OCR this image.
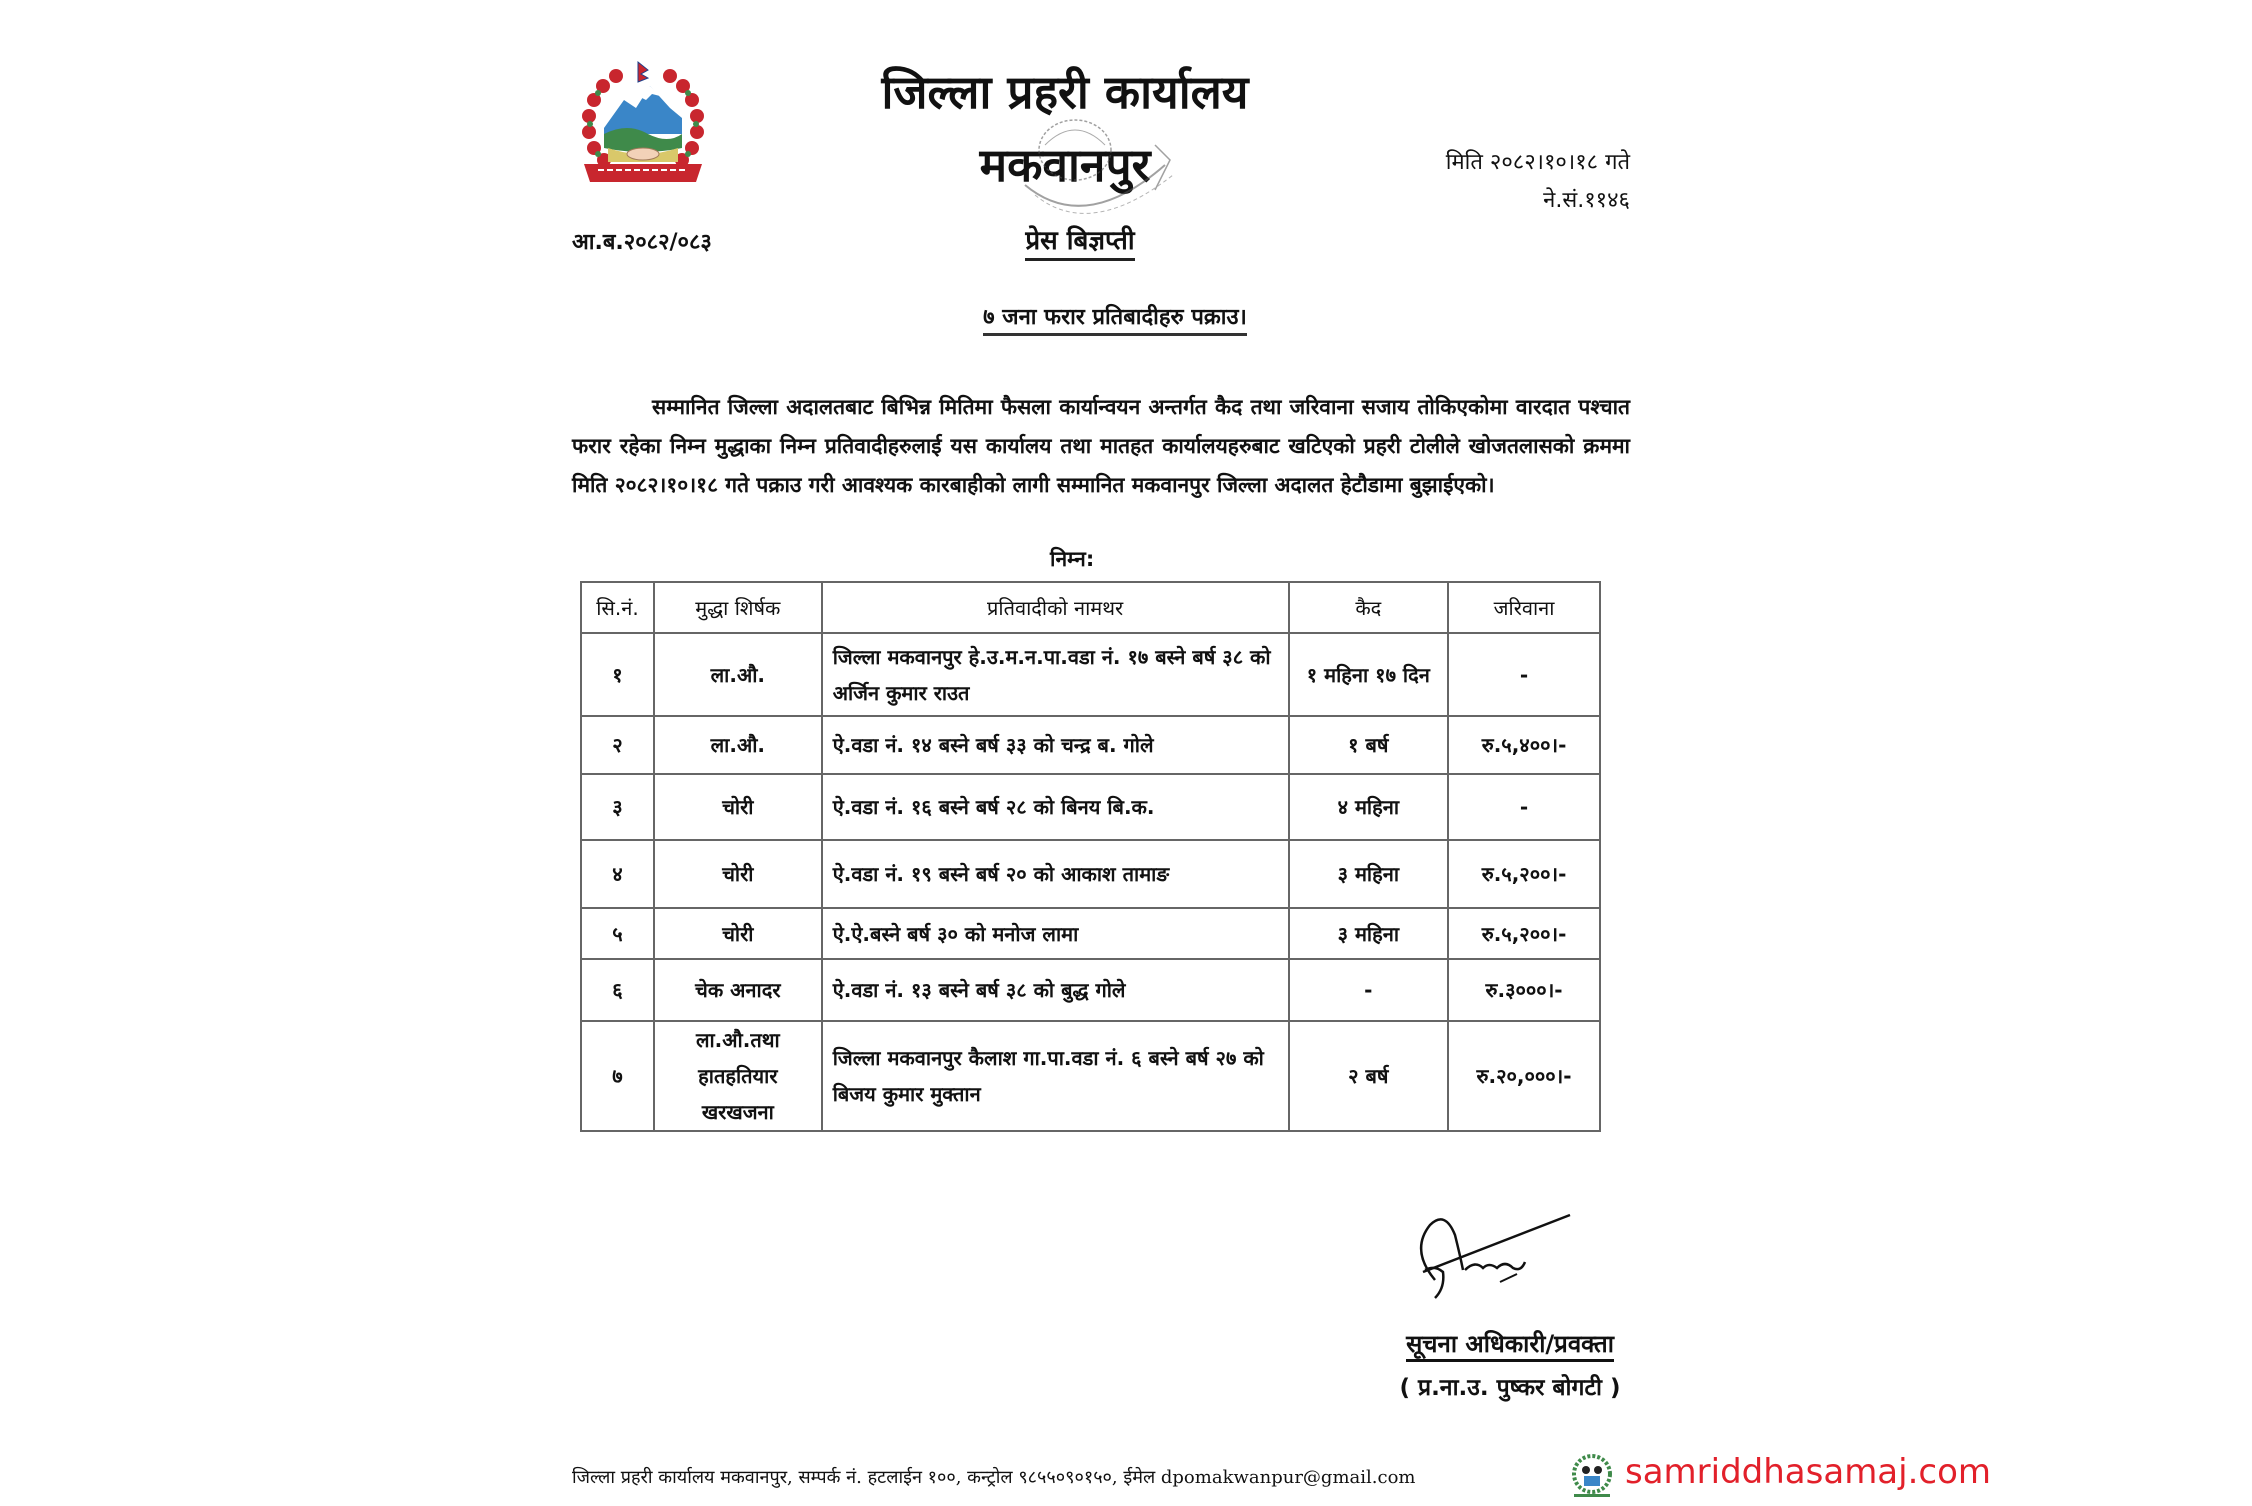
जिल्ला प्रहरी कार्यालय
मकवानपुर	मिति २०८२।१०।१८ गते
ने.सं.११४६
आ.ब.२०८२/०८३	प्रेस बिज्ञप्ती
७ जना फरार प्रतिबादीहरु पक्राउ।
सम्मानित जिल्ला अदालतबाट बिभिन्न मितिमा फैसला कार्यान्वयन अन्तर्गत कैद तथा जरिवाना सजाय तोकिएकोमा वारदात पश्चात फरार रहेका निम्न मुद्धाका निम्न प्रतिवादीहरुलाई यस कार्यालय तथा मातहत कार्यालयहरुबाट खटिएको प्रहरी टोलीले खोजतलासको क्रममा मिति २०८२।१०।१८ गते पक्राउ गरी आवश्यक कारबाहीको लागी सम्मानित मकवानपुर जिल्ला अदालत हेटौडामा बुझाईएको।
निम्न:
सि.नं.	मुद्धा शिर्षक	प्रतिवादीको नामथर	कैद	जरिवाना
१	ला.औ.	जिल्ला मकवानपुर हे.उ.म.न.पा.वडा नं. १७ बस्ने बर्ष ३८ को अर्जिन कुमार राउत	१ महिना १७ दिन	-
२	ला.औ.	ऐ.वडा नं. १४ बस्ने बर्ष ३३ को चन्द्र ब. गोले	१ बर्ष	रु.५,४००।-
३	चोरी	ऐ.वडा नं. १६ बस्ने बर्ष २८ को बिनय बि.क.	४ महिना	-
४	चोरी	ऐ.वडा नं. १९ बस्ने बर्ष २० को आकाश तामाङ	३ महिना	रु.५,२००।-
५	चोरी	ऐ.ऐ.बस्ने बर्ष ३० को मनोज लामा	३ महिना	रु.५,२००।-
६	चेक अनादर	ऐ.वडा नं. १३ बस्ने बर्ष ३८ को बुद्ध गोले	-	रु.३०००।-
७	ला.औ.तथा हातहतियार खरखजना	जिल्ला मकवानपुर कैलाश गा.पा.वडा नं. ६ बस्ने बर्ष २७ को बिजय कुमार मुक्तान	२ बर्ष	रु.२०,०००।-
सूचना अधिकारी/प्रवक्ता
( प्र.ना.उ. पुष्कर बोगटी )
जिल्ला प्रहरी कार्यालय मकवानपुर, सम्पर्क नं. हटलाईन १००, कन्ट्रोल ९८५५०९०१५०, ईमेल dpomakwanpur@gmail.com	samriddhasamaj.com
